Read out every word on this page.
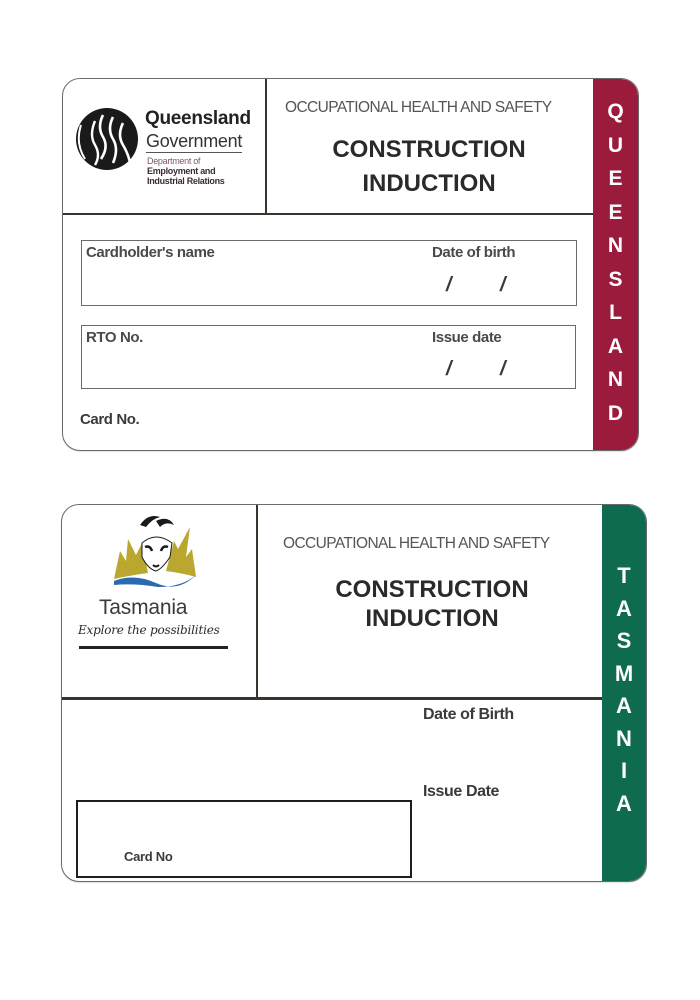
Queensland
Government
Department of
Employment and
Industrial Relations
OCCUPATIONAL HEALTH AND SAFETY
CONSTRUCTION
INDUCTION
Cardholder's name	Date of birth
/ /
RTO No.	Issue date
/ /
Card No.
Q
U
E
E
N
S
L
A
N
D
Tasmania
Explore the possibilities
OCCUPATIONAL HEALTH AND SAFETY
CONSTRUCTION
INDUCTION
Date of Birth
Issue Date
Card No
T
A
S
M
A
N
I
A
